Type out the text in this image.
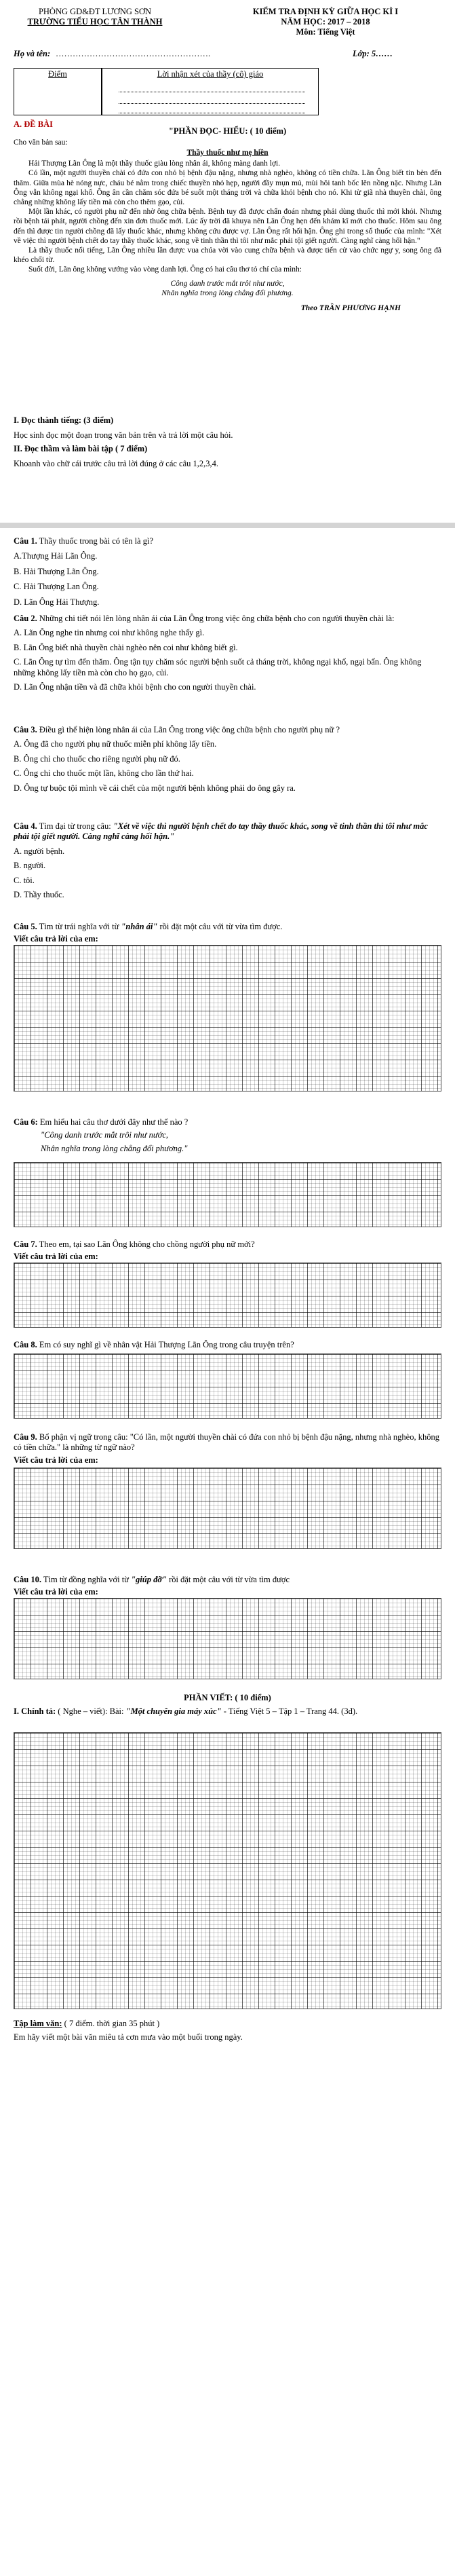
PHÒNG GD&ĐT LƯƠNG SƠN
TRƯỜNG TIỂU HỌC TÂN THÀNH
KIỂM TRA ĐỊNH KỲ GIỮA HỌC KÌ I
NĂM HỌC: 2017 – 2018
Môn: Tiếng Việt
Họ và tên: ……………………………………………….	Lớp: 5……
Điểm	Lời nhận xét của thầy (cô) giáo
A. ĐỀ BÀI
"PHẦN ĐỌC- HIỂU: ( 10 điểm)
Cho văn bản sau:
Thầy thuốc như mẹ hiền

Hải Thượng Lãn Ông là một thầy thuốc giàu lòng nhân ái, không màng danh lợi.

Có lần, một người thuyền chài có đứa con nhỏ bị bệnh đậu nặng, nhưng nhà nghèo, không có tiền chữa. Lãn Ông biết tin bèn đến thăm. Giữa mùa hè nóng nực, cháu bé nằm trong chiếc thuyền nhỏ hẹp, người đầy mụn mủ, mùi hôi tanh bốc lên nồng nặc. Nhưng Lãn Ông vẫn không ngại khổ. Ông ân cần chăm sóc đứa bé suốt một tháng trời và chữa khỏi bệnh cho nó. Khi từ giã nhà thuyền chài, ông chẳng những không lấy tiền mà còn cho thêm gạo, củi.

Một lần khác, có người phụ nữ đến nhờ ông chữa bệnh. Bệnh tuy đã được chẩn đoán nhưng phải dùng thuốc thì mới khỏi. Nhưng rồi bệnh tái phát, người chồng đến xin đơn thuốc mới. Lúc ấy trời đã khuya nên Lãn Ông hẹn đến khám kĩ mới cho thuốc. Hôm sau ông đến thì được tin người chồng đã lấy thuốc khác, nhưng không cứu được vợ. Lãn Ông rất hối hận. Ông ghi trong sổ thuốc của mình: "Xét về việc thì người bệnh chết do tay thầy thuốc khác, song về tinh thần thì tôi như mắc phải tội giết người. Càng nghĩ càng hối hận."

Là thầy thuốc nổi tiếng, Lãn Ông nhiều lần được vua chúa vời vào cung chữa bệnh và được tiến cử vào chức ngự y, song ông đã khéo chối từ.

Suốt đời, Lãn ông không vướng vào vòng danh lợi. Ông có hai câu thơ tỏ chí của mình:

Công danh trước mắt trôi như nước,
Nhân nghĩa trong lòng chẳng đổi phương.
Theo TRẦN PHƯƠNG HẠNH
I. Đọc thành tiếng: (3 điểm)
Học sinh đọc một đoạn trong văn bản trên và trả lời một câu hỏi.
II. Đọc thầm và làm bài tập ( 7 điểm)
Khoanh vào chữ cái trước câu trả lời đúng ở các câu 1,2,3,4.
Câu 1. Thầy thuốc trong bài có tên là gì?
A.Thượng Hải Lãn Ông.
B. Hải Thượng Lãn Ông.
C. Hải Thượng Lan Ông.
D. Lãn Ông Hải Thượng.
Câu 2. Những chi tiết nói lên lòng nhân ái của Lãn Ông trong việc ông chữa bệnh cho con người thuyền chài là:
A. Lãn Ông nghe tin nhưng coi như không nghe thấy gì.
B. Lãn Ông biết nhà thuyền chài nghèo nên coi như không biết gì.
C. Lãn Ông tự tìm đến thăm. Ông tận tụy chăm sóc người bệnh suốt cả tháng trời, không ngại khổ, ngại bẩn. Ông không những không lấy tiền mà còn cho họ gạo, củi.
D. Lãn Ông nhận tiền và đã chữa khỏi bệnh cho con người thuyền chài.
Câu 3. Điều gì thể hiện lòng nhân ái của Lãn Ông trong việc ông chữa bệnh cho người phụ nữ ?
A. Ông đã cho người phụ nữ thuốc miễn phí không lấy tiền.
B. Ông chỉ cho thuốc cho riêng người phụ nữ đó.
C. Ông chỉ cho thuốc một lần, không cho lần thứ hai.
D. Ông tự buộc tội mình về cái chết của một người bệnh không phải do ông gây ra.
Câu 4. Tìm đại từ trong câu: "Xét về việc thì người bệnh chết do tay thầy thuốc khác, song về tinh thần thì tôi như mắc phải tội giết người. Càng nghĩ càng hối hận."
A. người bệnh.
B. người.
C. tôi.
D. Thầy thuốc.
Câu 5. Tìm từ trái nghĩa với từ "nhân ái" rồi đặt một câu với từ vừa tìm được.
Viết câu trả lời của em:
Câu 6: Em hiểu hai câu thơ dưới đây như thế nào ?
"Công danh trước mắt trôi như nước,
Nhân nghĩa trong lòng chẳng đổi phương."
Câu 7. Theo em, tại sao Lãn Ông không cho chồng người phụ nữ mới?
Viết câu trả lời của em:
Câu 8. Em có suy nghĩ gì về nhân vật Hải Thượng Lãn Ông trong câu truyện trên?
Câu 9. Bổ phận vị ngữ trong câu: "Có lần, một người thuyền chài có đứa con nhỏ bị bệnh đậu nặng, nhưng nhà nghèo, không có tiền chữa." là những từ ngữ nào?
Viết câu trả lời của em:
Câu 10. Tìm từ đồng nghĩa với từ "giúp đỡ" rồi đặt một câu với từ vừa tìm được
Viết câu trả lời của em:
PHẦN VIẾT: ( 10 điểm)
I. Chính tả: ( Nghe – viết): Bài: "Một chuyên gia máy xúc" - Tiếng Việt 5 – Tập 1 – Trang 44. (3đ).
Tập làm văn: ( 7 điểm. thời gian 35 phút )
Em hãy viết một bài văn miêu tả cơn mưa vào một buổi trong ngày.
